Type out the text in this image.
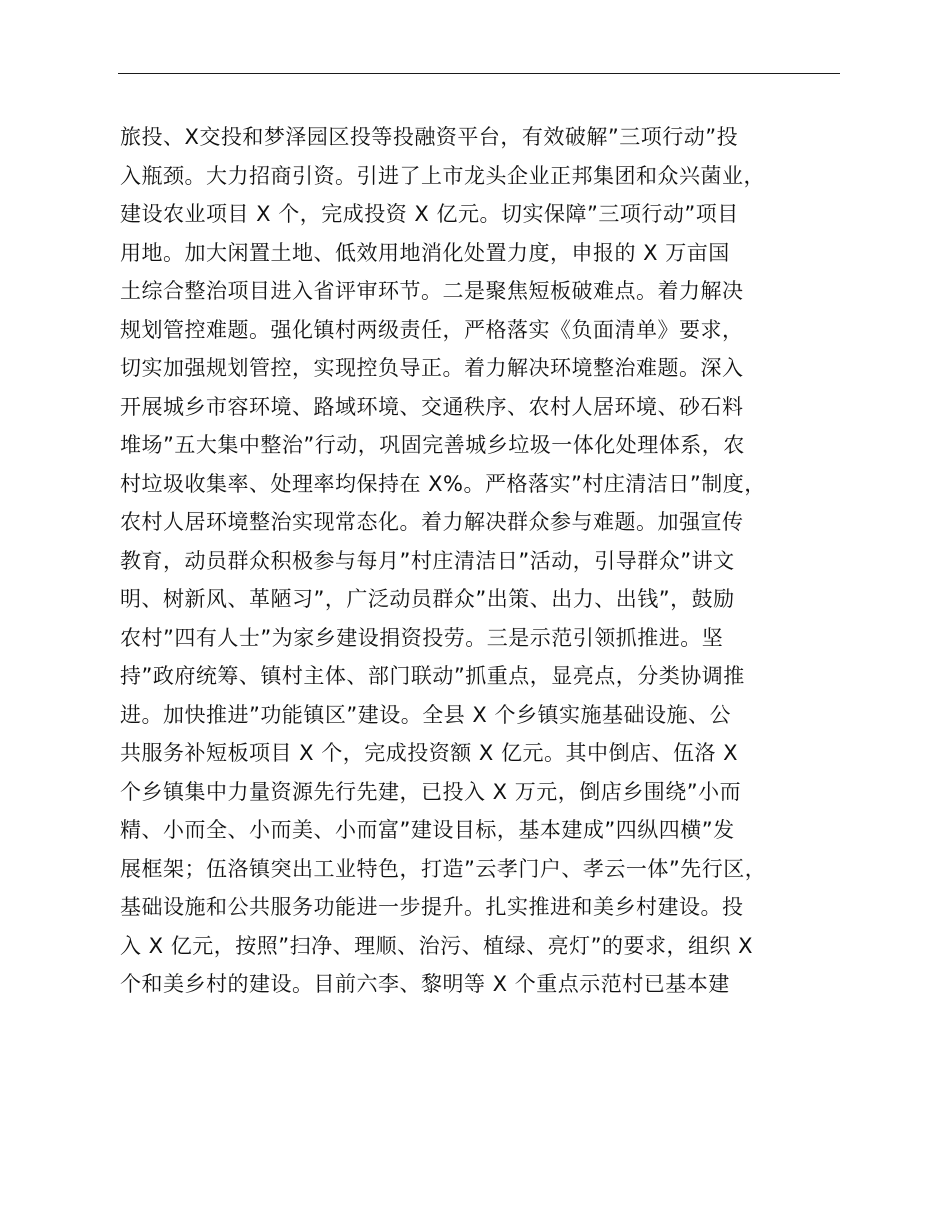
旅投、X交投和梦泽园区投等投融资平台，有效破解”三项行动”投
入瓶颈。大力招商引资。引进了上市龙头企业正邦集团和众兴菌业，
建设农业项目 X 个，完成投资 X 亿元。切实保障”三项行动”项目
用地。加大闲置土地、低效用地消化处置力度，申报的 X 万亩国
土综合整治项目进入省评审环节。二是聚焦短板破难点。着力解决
规划管控难题。强化镇村两级责任，严格落实《负面清单》要求，
切实加强规划管控，实现控负导正。着力解决环境整治难题。深入
开展城乡市容环境、路域环境、交通秩序、农村人居环境、砂石料
堆场”五大集中整治”行动，巩固完善城乡垃圾一体化处理体系，农
村垃圾收集率、处理率均保持在 X%。严格落实”村庄清洁日”制度，
农村人居环境整治实现常态化。着力解决群众参与难题。加强宣传
教育，动员群众积极参与每月”村庄清洁日”活动，引导群众”讲文
明、树新风、革陋习”，广泛动员群众”出策、出力、出钱”，鼓励
农村”四有人士”为家乡建设捐资投劳。三是示范引领抓推进。坚
持”政府统筹、镇村主体、部门联动”抓重点，显亮点，分类协调推
进。加快推进”功能镇区”建设。全县 X 个乡镇实施基础设施、公
共服务补短板项目 X 个，完成投资额 X 亿元。其中倒店、伍洛 X
个乡镇集中力量资源先行先建，已投入 X 万元，倒店乡围绕”小而
精、小而全、小而美、小而富”建设目标，基本建成”四纵四横”发
展框架；伍洛镇突出工业特色，打造”云孝门户、孝云一体”先行区，
基础设施和公共服务功能进一步提升。扎实推进和美乡村建设。投
入 X 亿元，按照”扫净、理顺、治污、植绿、亮灯”的要求，组织 X
个和美乡村的建设。目前六李、黎明等 X 个重点示范村已基本建
